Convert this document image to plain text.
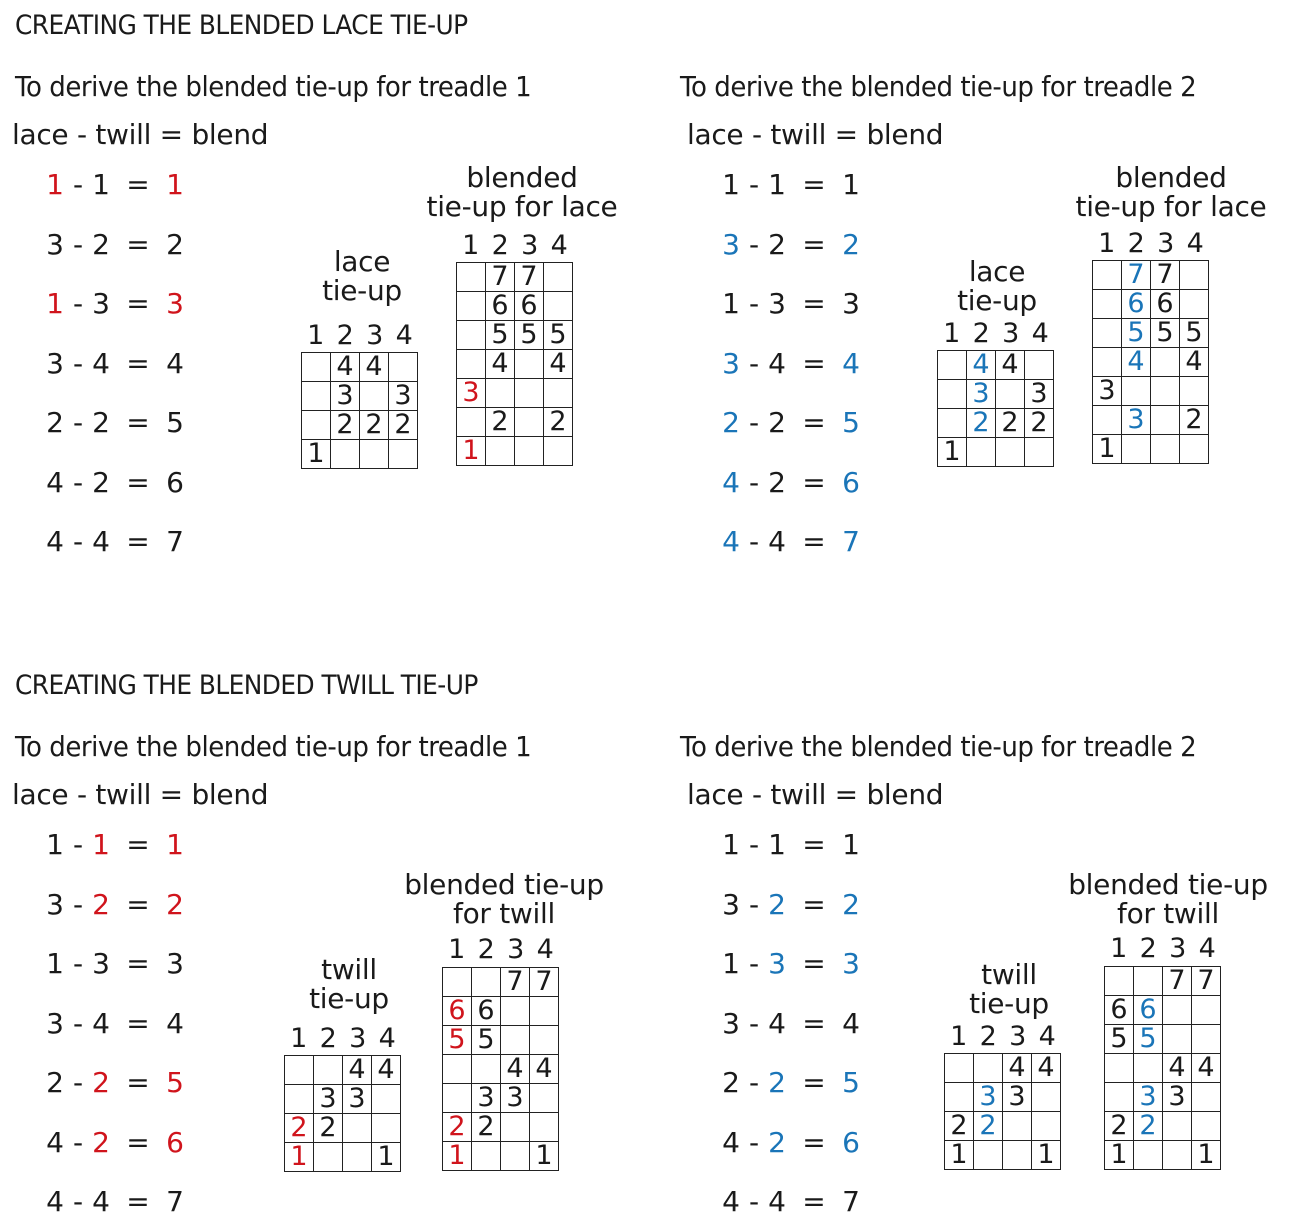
CREATING THE BLENDED LACE TIE-UP
CREATING THE BLENDED TWILL TIE-UP
To derive the blended tie-up for treadle 1
lace - twill = blend
1 - 1 = 1
3 - 2 = 2
1 - 3 = 3
3 - 4 = 4
2 - 2 = 5
4 - 2 = 6
4 - 4 = 7
lace
tie-up
1 2 3 4
	4	4	
	3		3
	2	2	2
1			
blended
tie-up for lace
1 2 3 4
	7	7	
	6	6	
	5	5	5
	4		4
3			
	2		2
1			
To derive the blended tie-up for treadle 2
lace - twill = blend
1 - 1 = 1
3 - 2 = 2
1 - 3 = 3
3 - 4 = 4
2 - 2 = 5
4 - 2 = 6
4 - 4 = 7
lace
tie-up
1 2 3 4
	4	4	
	3		3
	2	2	2
1			
blended
tie-up for lace
1 2 3 4
	7	7	
	6	6	
	5	5	5
	4		4
3			
	3		2
1			
To derive the blended tie-up for treadle 1
lace - twill = blend
1 - 1 = 1
3 - 2 = 2
1 - 3 = 3
3 - 4 = 4
2 - 2 = 5
4 - 2 = 6
4 - 4 = 7
twill
tie-up
1 2 3 4
		4	4
	3	3	
2	2		
1			1
blended tie-up
for twill
1 2 3 4
		7	7
6	6		
5	5		
		4	4
	3	3	
2	2		
1			1
To derive the blended tie-up for treadle 2
lace - twill = blend
1 - 1 = 1
3 - 2 = 2
1 - 3 = 3
3 - 4 = 4
2 - 2 = 5
4 - 2 = 6
4 - 4 = 7
twill
tie-up
1 2 3 4
		4	4
	3	3	
2	2		
1			1
blended tie-up
for twill
1 2 3 4
		7	7
6	6		
5	5		
		4	4
	3	3	
2	2		
1			1
